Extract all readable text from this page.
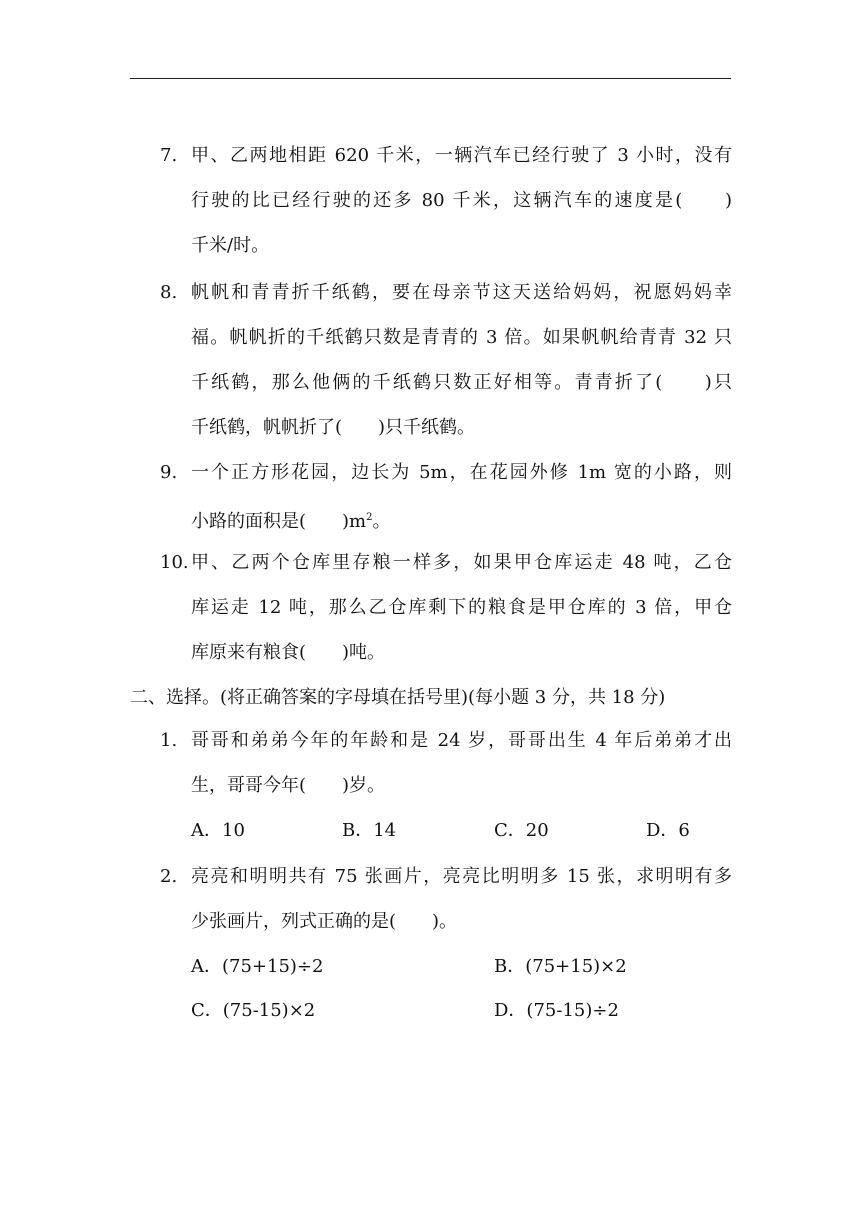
7. 甲、乙两地相距 620 千米，一辆汽车已经行驶了 3 小时，没有
行驶的比已经行驶的还多 80 千米，这辆汽车的速度是(　　)
千米/时。
8. 帆帆和青青折千纸鹤，要在母亲节这天送给妈妈，祝愿妈妈幸
福。帆帆折的千纸鹤只数是青青的 3 倍。如果帆帆给青青 32 只
千纸鹤，那么他俩的千纸鹤只数正好相等。青青折了(　　)只
千纸鹤，帆帆折了(　　)只千纸鹤。
9. 一个正方形花园，边长为 5m，在花园外修 1m 宽的小路，则
小路的面积是(　　)$m^2$。
10. 甲、乙两个仓库里存粮一样多，如果甲仓库运走 48 吨，乙仓
库运走 12 吨，那么乙仓库剩下的粮食是甲仓库的 3 倍，甲仓
库原来有粮食(　　)吨。
二、选择。(将正确答案的字母填在括号里)(每小题 3 分，共 18 分)
1. 哥哥和弟弟今年的年龄和是 24 岁，哥哥出生 4 年后弟弟才出
生，哥哥今年(　　)岁。
A．10	B．14	C．20	D．6
2. 亮亮和明明共有 75 张画片，亮亮比明明多 15 张，求明明有多
少张画片，列式正确的是(　　)。
A．(75+15)÷2	B．(75+15)×2
C．(75-15)×2	D．(75-15)÷2
